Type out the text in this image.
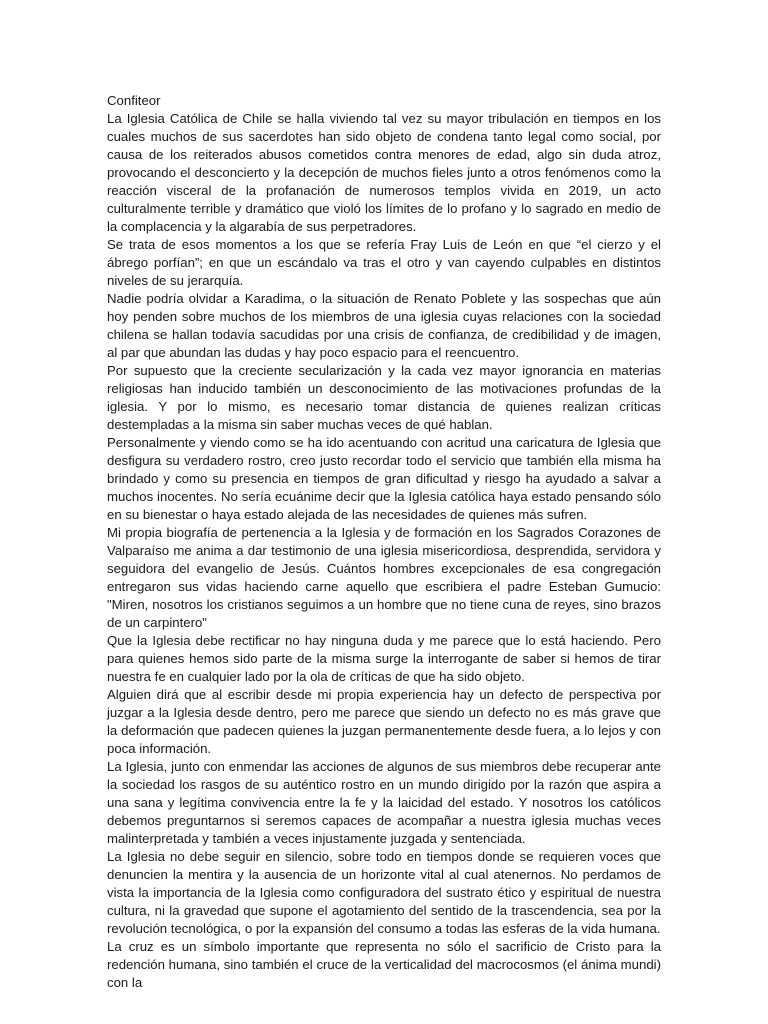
Confiteor

La Iglesia Católica de Chile se halla viviendo tal vez su mayor tribulación en tiempos en los cuales muchos de sus sacerdotes han sido objeto de condena tanto legal como social, por causa de los reiterados abusos cometidos contra menores de edad, algo sin duda atroz, provocando el desconcierto y la decepción de muchos fieles junto a otros fenómenos como la reacción visceral de la profanación de numerosos templos vivida en 2019, un acto culturalmente terrible y dramático que violó los límites de lo profano y lo sagrado en medio de la complacencia y la algarabía de sus perpetradores.

Se trata de esos momentos a los que se refería Fray Luis de León en que “el cierzo y el ábrego porfían”; en que un escándalo va tras el otro y van cayendo culpables en distintos niveles de su jerarquía.

Nadie podría olvidar a Karadima, o la situación de Renato Poblete y las sospechas que aún hoy penden sobre muchos de los miembros de una iglesia cuyas relaciones con la sociedad chilena se hallan todavía sacudidas por una crisis de confianza, de credibilidad y de imagen, al par que abundan las dudas y hay poco espacio para el reencuentro.

Por supuesto que la creciente secularización y la cada vez mayor ignorancia en materias religiosas han inducido también un desconocimiento de las motivaciones profundas de la iglesia. Y por lo mismo, es necesario tomar distancia de quienes realizan críticas destempladas a la misma sin saber muchas veces de qué hablan.

Personalmente y viendo como se ha ido acentuando con acritud una caricatura de Iglesia que desfigura su verdadero rostro, creo justo recordar todo el servicio que también ella misma ha brindado y como su presencia en tiempos de gran dificultad y riesgo ha ayudado a salvar a muchos inocentes. No sería ecuánime decir que la Iglesia católica haya estado pensando sólo en su bienestar o haya estado alejada de las necesidades de quienes más sufren.

Mi propia biografía de pertenencia a la Iglesia y de formación en los Sagrados Corazones de Valparaíso me anima a dar testimonio de una iglesia misericordiosa, desprendida, servidora y seguidora del evangelio de Jesús. Cuántos hombres excepcionales de esa congregación entregaron sus vidas haciendo carne aquello que escribiera el padre Esteban Gumucio: "Miren, nosotros los cristianos seguimos a un hombre que no tiene cuna de reyes, sino brazos de un carpintero"

Que la Iglesia debe rectificar no hay ninguna duda y me parece que lo está haciendo. Pero para quienes hemos sido parte de la misma surge la interrogante de saber si hemos de tirar nuestra fe en cualquier lado por la ola de críticas de que ha sido objeto.

Alguien dirá que al escribir desde mi propia experiencia hay un defecto de perspectiva por juzgar a la Iglesia desde dentro, pero me parece que siendo un defecto no es más grave que la deformación que padecen quienes la juzgan permanentemente desde fuera, a lo lejos y con poca información.

La Iglesia, junto con enmendar las acciones de algunos de sus miembros debe recuperar ante la sociedad los rasgos de su auténtico rostro en un mundo dirigido por la razón que aspira a una sana y legítima convivencia entre la fe y la laicidad del estado. Y nosotros los católicos debemos preguntarnos si seremos capaces de acompañar a nuestra iglesia muchas veces malinterpretada y también a veces injustamente juzgada y sentenciada.

La Iglesia no debe seguir en silencio, sobre todo en tiempos donde se requieren voces que denuncien la mentira y la ausencia de un horizonte vital al cual atenernos. No perdamos de vista la importancia de la Iglesia como configuradora del sustrato ético y espiritual de nuestra cultura, ni la gravedad que supone el agotamiento del sentido de la trascendencia, sea por la revolución tecnológica, o por la expansión del consumo a todas las esferas de la vida humana.

La cruz es un símbolo importante que representa no sólo el sacrificio de Cristo para la redención humana, sino también el cruce de la verticalidad del macrocosmos (el ánima mundi) con la
